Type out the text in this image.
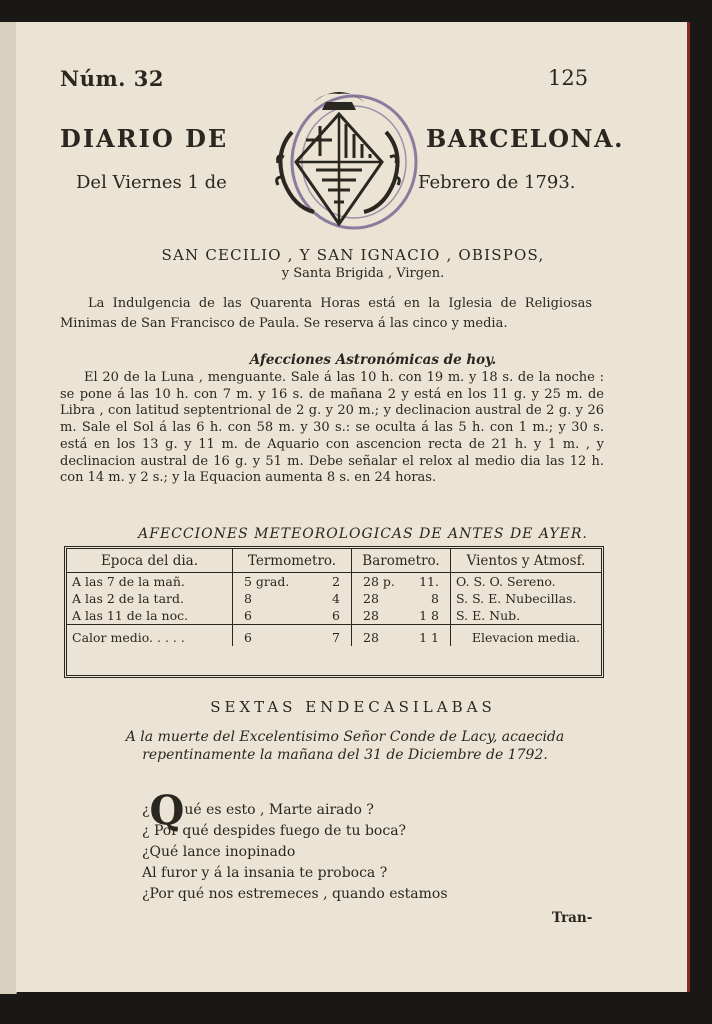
Núm. 32	125
DIARIO DE	BARCELONA.
Del Viernes 1 de	Febrero de 1793.
SAN CECILIO , Y SAN IGNACIO , OBISPOS,
y Santa Brigida , Virgen.
La Indulgencia de las Quarenta Horas está en la Iglesia de Religiosas Minimas de San Francisco de Paula. Se reserva á las cinco y media.
Afecciones Astronómicas de hoy.
El 20 de la Luna , menguante. Sale á las 10 h. con 19 m. y 18 s. de la noche : se pone á las 10 h. con 7 m. y 16 s. de mañana 2 y está en los 11 g. y 25 m. de Libra , con latitud septentrional de 2 g. y 20 m.; y declinacion austral de 2 g. y 26 m. Sale el Sol á las 6 h. con 58 m. y 30 s.: se oculta á las 5 h. con 1 m.; y 30 s. está en los 13 g. y 11 m. de Aquario con ascencion recta de 21 h. y 1 m. , y declinacion austral de 16 g. y 51 m. Debe señalar el relox al medio dia las 12 h. con 14 m. y 2 s.; y la Equacion aumenta 8 s. en 24 horas.
AFECCIONES METEOROLOGICAS DE ANTES DE AYER.
Epoca del dia.	Termometro.	Barometro.	Vientos y Atmosf.
A las 7 de la mañ.	5 grad. 2	28 p. 11.	O. S. O. Sereno.
A las 2 de la tard.	8 4	28 8	S. S. E. Nubecillas.
A las 11 de la noc.	6 6	28 1 8	S. E. Nub.
Calor medio. . . . .	6 7	28 1 1	Elevacion media.
SEXTAS ENDECASILABAS
A la muerte del Excelentisimo Señor Conde de Lacy, acaecida repentinamente la mañana del 31 de Diciembre de 1792.
¿Qué es esto , Marte airado ?
¿ Por qué despides fuego de tu boca?
¿Qué lance inopinado
Al furor y á la insania te proboca ?
¿Por qué nos estremeces , quando estamos
Tran-
